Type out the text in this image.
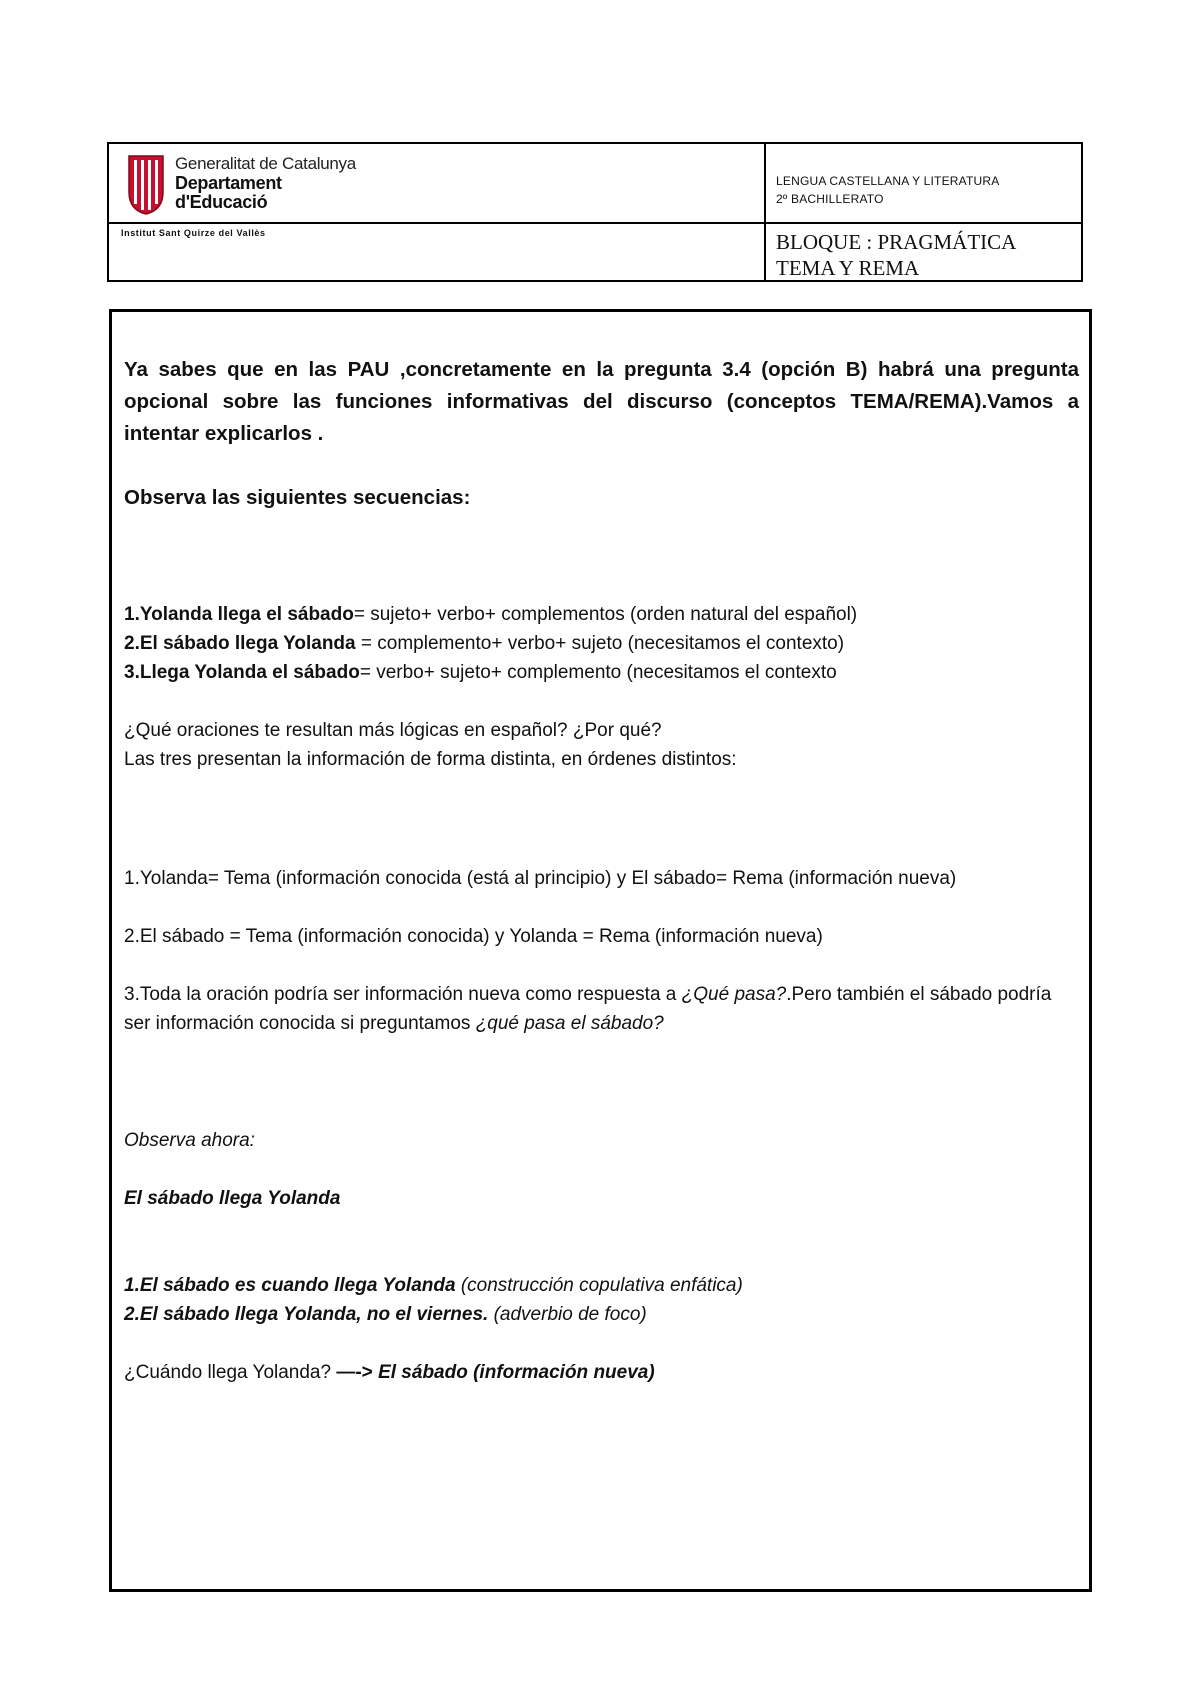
Generalitat de Catalunya
Departament
d'Educació
LENGUA CASTELLANA Y LITERATURA
2º BACHILLERATO
Institut Sant Quirze del Vallès	BLOQUE : PRAGMÁTICA
TEMA Y REMA

Ya sabes que en las PAU ,concretamente en la pregunta 3.4 (opción B) habrá una pregunta opcional sobre las funciones informativas del discurso (conceptos TEMA/REMA).Vamos a intentar explicarlos .

Observa las siguientes secuencias:

1.Yolanda llega el sábado= sujeto+ verbo+ complementos (orden natural del español)

2.El sábado llega Yolanda = complemento+ verbo+ sujeto (necesitamos el contexto)

3.Llega Yolanda el sábado= verbo+ sujeto+ complemento (necesitamos el contexto

¿Qué oraciones te resultan más lógicas en español? ¿Por qué?

Las tres presentan la información de forma distinta, en órdenes distintos:

1.Yolanda= Tema (información conocida (está al principio) y El sábado= Rema (información nueva)

2.El sábado = Tema (información conocida) y Yolanda = Rema (información nueva)

3.Toda la oración podría ser información nueva como respuesta a ¿Qué pasa?.Pero también el sábado podría ser información conocida si preguntamos ¿qué pasa el sábado?

Observa ahora:

El sábado llega Yolanda

1.El sábado es cuando llega Yolanda (construcción copulativa enfática)

2.El sábado llega Yolanda, no el viernes. (adverbio de foco)

¿Cuándo llega Yolanda? —-> El sábado (información nueva)
